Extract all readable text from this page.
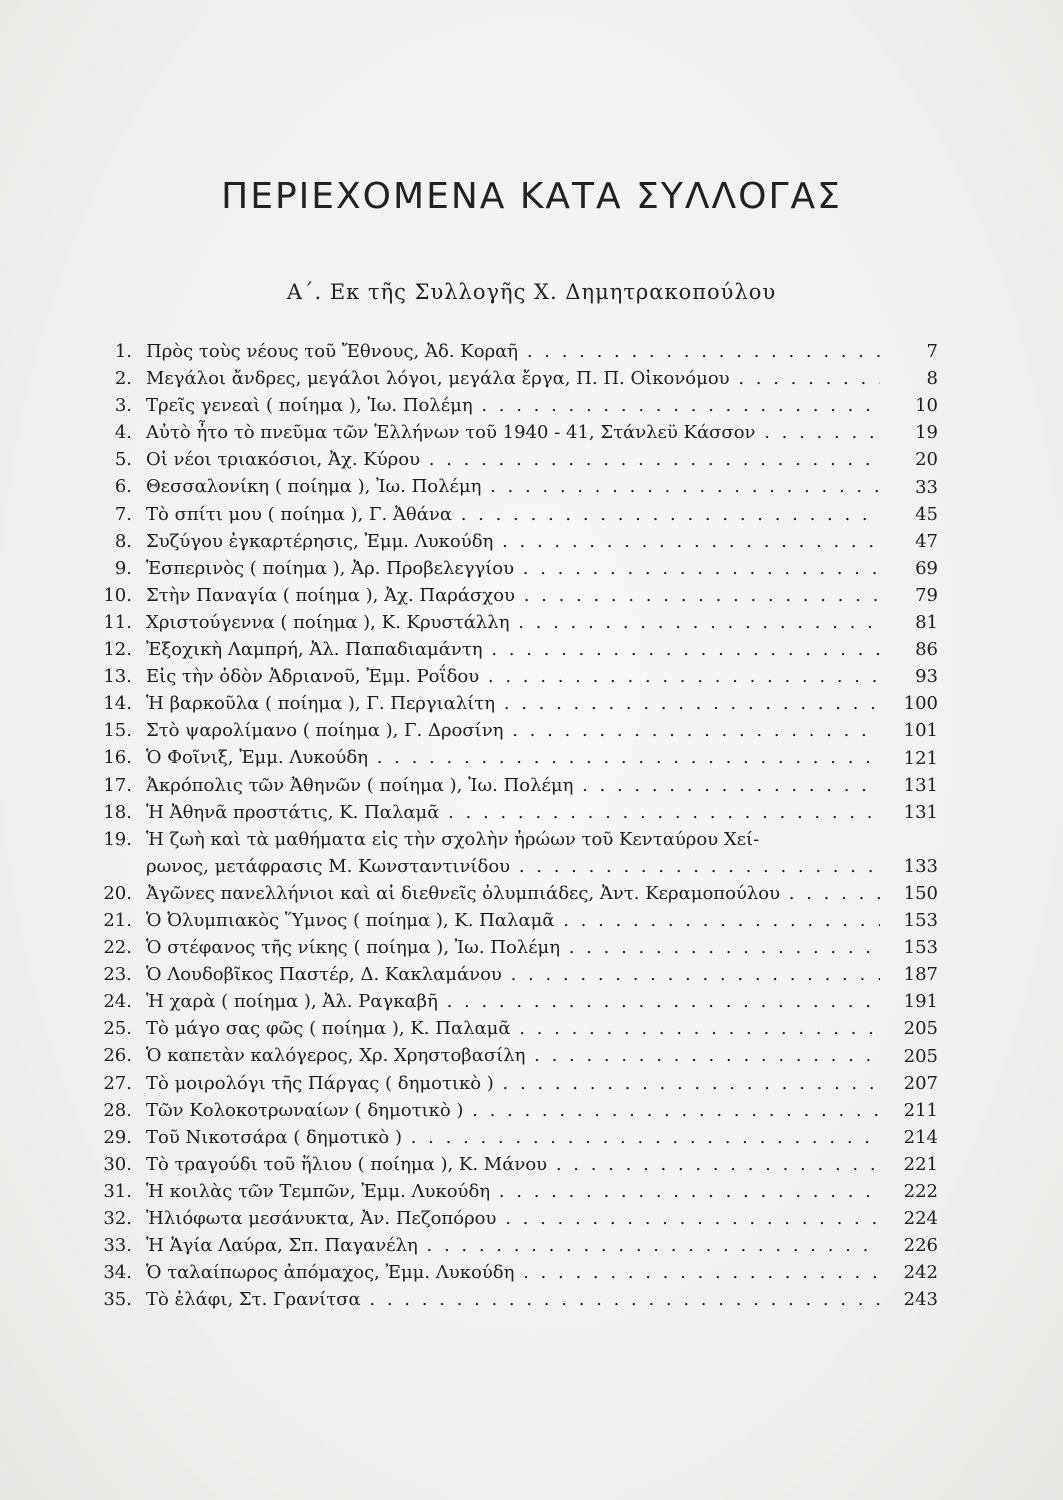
ΠΕΡΙΕΧΟΜΕΝΑ ΚΑΤΑ ΣΥΛΛΟΓΑΣ
Α΄. Εκ τῆς Συλλογῆς Χ. Δημητρακοπούλου
1. Πρὸς τοὺς νέους τοῦ Ἔθνους, Ἀδ. Κοραῆ . . .	7
2. Μεγάλοι ἄνδρες, μεγάλοι λόγοι, μεγάλα ἔργα, Π. Π. Οἰκονόμου . . .	8
3. Τρεῖς γενεαὶ ( ποίημα ), Ἰω. Πολέμη . . .	10
4. Αὐτὸ ἦτο τὸ πνεῦμα τῶν Ἑλλήνων τοῦ 1940 - 41, Στάνλεϋ Κάσσον . . .	19
5. Οἱ νέοι τριακόσιοι, Ἀχ. Κύρου . . .	20
6. Θεσσαλονίκη ( ποίημα ), Ἰω. Πολέμη . . .	33
7. Τὸ σπίτι μου ( ποίημα ), Γ. Ἀθάνα . . .	45
8. Συζύγου ἐγκαρτέρησις, Ἐμμ. Λυκούδη . . .	47
9. Ἑσπερινὸς ( ποίημα ), Ἀρ. Προβελεγγίου . . .	69
10. Στὴν Παναγία ( ποίημα ), Ἀχ. Παράσχου . . .	79
11. Χριστούγεννα ( ποίημα ), Κ. Κρυστάλλη . . .	81
12. Ἐξοχικὴ Λαμπρή, Ἀλ. Παπαδιαμάντη . . .	86
13. Εἰς τὴν ὁδὸν Ἀδριανοῦ, Ἐμμ. Ροΐδου . . .	93
14. Ἡ βαρκοῦλα ( ποίημα ), Γ. Περγιαλίτη . . .	100
15. Στὸ ψαρολίμανο ( ποίημα ), Γ. Δροσίνη . . .	101
16. Ὁ Φοῖνιξ, Ἐμμ. Λυκούδη . . .	121
17. Ἀκρόπολις τῶν Ἀθηνῶν ( ποίημα ), Ἰω. Πολέμη . . .	131
18. Ἡ Ἀθηνᾶ προστάτις, Κ. Παλαμᾶ . . .	131
19. Ἡ ζωὴ καὶ τὰ μαθήματα εἰς τὴν σχολὴν ἡρώων τοῦ Κενταύρου Χεί-
ρωνος, μετάφρασις Μ. Κωνσταντινίδου . . .	133
20. Ἀγῶνες πανελλήνιοι καὶ αἱ διεθνεῖς ὀλυμπιάδες, Ἀντ. Κεραμοπούλου . . .	150
21. Ὁ Ὀλυμπιακὸς Ὕμνος ( ποίημα ), Κ. Παλαμᾶ . . .	153
22. Ὁ στέφανος τῆς νίκης ( ποίημα ), Ἰω. Πολέμη . . .	153
23. Ὁ Λουδοβῖκος Παστέρ, Δ. Κακλαμάνου . . .	187
24. Ἡ χαρὰ ( ποίημα ), Ἀλ. Ραγκαβῆ . . .	191
25. Τὸ μάγο σας φῶς ( ποίημα ), Κ. Παλαμᾶ . . .	205
26. Ὁ καπετὰν καλόγερος, Χρ. Χρηστοβασίλη . . .	205
27. Τὸ μοιρολόγι τῆς Πάργας ( δημοτικὸ ) . . .	207
28. Τῶν Κολοκοτρωναίων ( δημοτικὸ ) . . .	211
29. Τοῦ Νικοτσάρα ( δημοτικὸ ) . . .	214
30. Τὸ τραγούδι τοῦ ἥλιου ( ποίημα ), Κ. Μάνου . . .	221
31. Ἡ κοιλὰς τῶν Τεμπῶν, Ἐμμ. Λυκούδη . . .	222
32. Ἡλιόφωτα μεσάνυκτα, Ἀν. Πεζοπόρου . . .	224
33. Ἡ Ἁγία Λαύρα, Σπ. Παγανέλη . . .	226
34. Ὁ ταλαίπωρος ἀπόμαχος, Ἐμμ. Λυκούδη . . .	242
35. Τὸ ἐλάφι, Στ. Γρανίτσα . . .	243
